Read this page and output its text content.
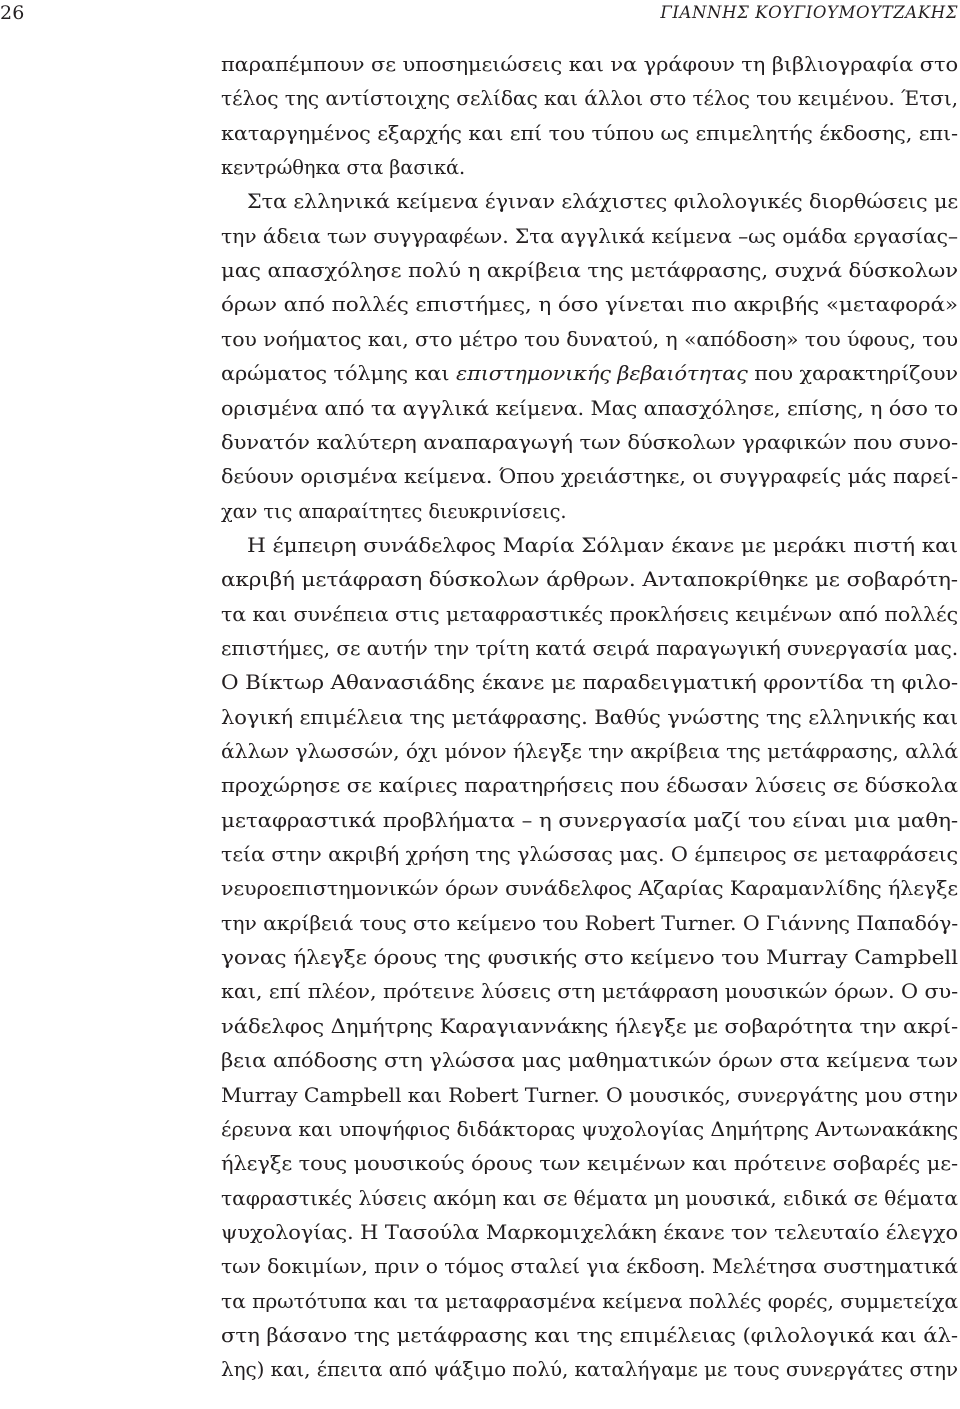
26	ΓΙΑΝΝΗΣ ΚΟΥΓΙΟΥΜΟΥΤΖΑΚΗΣ
παραπέμπουν σε υποσημειώσεις και να γράφουν τη βιβλιογραφία στο
τέλος της αντίστοιχης σελίδας και άλλοι στο τέλος του κειμένου. Έτσι,
καταργημένος εξαρχής και επί του τύπου ως επιμελητής έκδοσης, επι-
κεντρώθηκα στα βασικά.
Στα ελληνικά κείμενα έγιναν ελάχιστες φιλολογικές διορθώσεις με
την άδεια των συγγραφέων. Στα αγγλικά κείμενα –ως ομάδα εργασίας–
μας απασχόλησε πολύ η ακρίβεια της μετάφρασης, συχνά δύσκολων
όρων από πολλές επιστήμες, η όσο γίνεται πιο ακριβής «μεταφορά»
του νοήματος και, στο μέτρο του δυνατού, η «απόδοση» του ύφους, του
αρώματος τόλμης και επιστημονικής βεβαιότητας που χαρακτηρίζουν
ορισμένα από τα αγγλικά κείμενα. Μας απασχόλησε, επίσης, η όσο το
δυνατόν καλύτερη αναπαραγωγή των δύσκολων γραφικών που συνο-
δεύουν ορισμένα κείμενα. Όπου χρειάστηκε, οι συγγραφείς μάς παρεί-
χαν τις απαραίτητες διευκρινίσεις.
Η έμπειρη συνάδελφος Μαρία Σόλμαν έκανε με μεράκι πιστή και
ακριβή μετάφραση δύσκολων άρθρων. Ανταποκρίθηκε με σοβαρότη-
τα και συνέπεια στις μεταφραστικές προκλήσεις κειμένων από πολλές
επιστήμες, σε αυτήν την τρίτη κατά σειρά παραγωγική συνεργασία μας.
Ο Βίκτωρ Αθανασιάδης έκανε με παραδειγματική φροντίδα τη φιλο-
λογική επιμέλεια της μετάφρασης. Βαθύς γνώστης της ελληνικής και
άλλων γλωσσών, όχι μόνον ήλεγξε την ακρίβεια της μετάφρασης, αλλά
προχώρησε σε καίριες παρατηρήσεις που έδωσαν λύσεις σε δύσκολα
μεταφραστικά προβλήματα – η συνεργασία μαζί του είναι μια μαθη-
τεία στην ακριβή χρήση της γλώσσας μας. Ο έμπειρος σε μεταφράσεις
νευροεπιστημονικών όρων συνάδελφος Αζαρίας Καραμανλίδης ήλεγξε
την ακρίβειά τους στο κείμενο του Robert Turner. Ο Γιάννης Παπαδόγ-
γονας ήλεγξε όρους της φυσικής στο κείμενο του Murray Campbell
και, επί πλέον, πρότεινε λύσεις στη μετάφραση μουσικών όρων. Ο συ-
νάδελφος Δημήτρης Καραγιαννάκης ήλεγξε με σοβαρότητα την ακρί-
βεια απόδοσης στη γλώσσα μας μαθηματικών όρων στα κείμενα των
Murray Campbell και Robert Turner. Ο μουσικός, συνεργάτης μου στην
έρευνα και υποψήφιος διδάκτορας ψυχολογίας Δημήτρης Αντωνακάκης
ήλεγξε τους μουσικούς όρους των κειμένων και πρότεινε σοβαρές με-
ταφραστικές λύσεις ακόμη και σε θέματα μη μουσικά, ειδικά σε θέματα
ψυχολογίας. Η Τασούλα Μαρκομιχελάκη έκανε τον τελευταίο έλεγχο
των δοκιμίων, πριν ο τόμος σταλεί για έκδοση. Μελέτησα συστηματικά
τα πρωτότυπα και τα μεταφρασμένα κείμενα πολλές φορές, συμμετείχα
στη βάσανο της μετάφρασης και της επιμέλειας (φιλολογικά και άλ-
λης) και, έπειτα από ψάξιμο πολύ, καταλήγαμε με τους συνεργάτες στην
